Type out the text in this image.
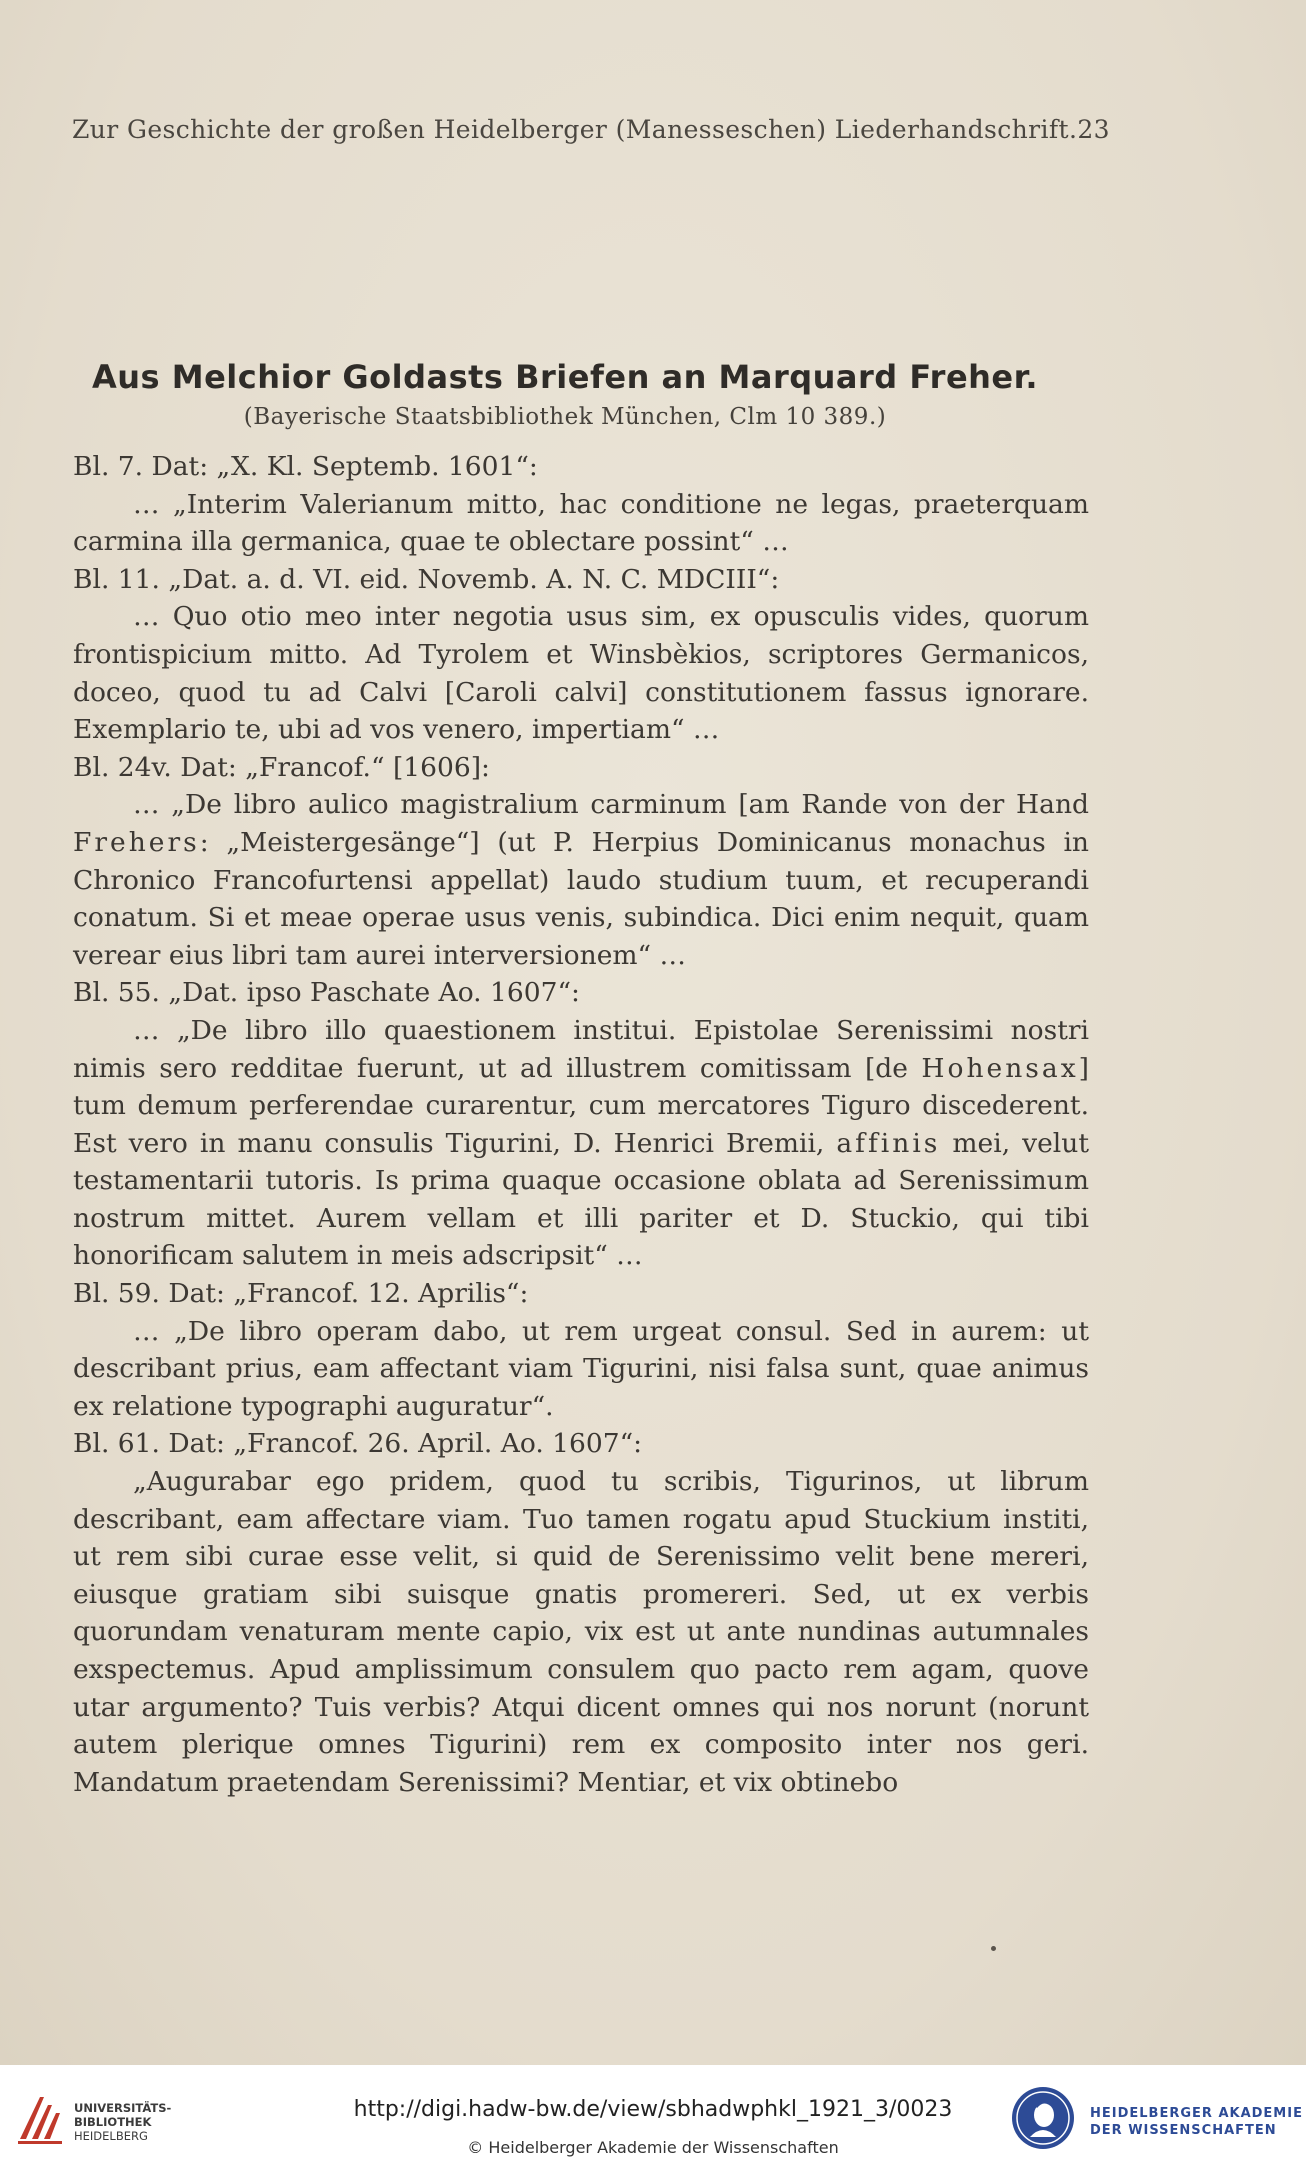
Zur Geschichte der großen Heidelberger (Manesseschen) Liederhandschrift. 23
Aus Melchior Goldasts Briefen an Marquard Freher.
(Bayerische Staatsbibliothek München, Clm 10 389.)

Bl. 7. Dat: „X. Kl. Septemb. 1601“:

… „Interim Valerianum mitto, hac conditione ne legas, praeterquam carmina illa germanica, quae te oblectare possint“ …

Bl. 11. „Dat. a. d. VI. eid. Novemb. A. N. C. MDCIII“:

… Quo otio meo inter negotia usus sim, ex opusculis vides, quorum frontispicium mitto. Ad Tyrolem et Winsbèkios, scriptores Germanicos, doceo, quod tu ad Calvi [Caroli calvi] constitutionem fassus ignorare. Exemplario te, ubi ad vos venero, impertiam“ …

Bl. 24v. Dat: „Francof.“ [1606]:

… „De libro aulico magistralium carminum [am Rande von der Hand Frehers: „Meistergesänge“] (ut P. Herpius Dominicanus monachus in Chronico Francofurtensi appellat) laudo studium tuum, et recuperandi conatum. Si et meae operae usus venis, subindica. Dici enim nequit, quam verear eius libri tam aurei interversionem“ …

Bl. 55. „Dat. ipso Paschate Ao. 1607“:

… „De libro illo quaestionem institui. Epistolae Serenissimi nostri nimis sero redditae fuerunt, ut ad illustrem comitissam [de Hohensax] tum demum perferendae curarentur, cum mercatores Tiguro discederent. Est vero in manu consulis Tigurini, D. Henrici Bremii, affinis mei, velut testamentarii tutoris. Is prima quaque occasione oblata ad Serenissimum nostrum mittet. Aurem vellam et illi pariter et D. Stuckio, qui tibi honorificam salutem in meis adscripsit“ …

Bl. 59. Dat: „Francof. 12. Aprilis“:

… „De libro operam dabo, ut rem urgeat consul. Sed in aurem: ut describant prius, eam affectant viam Tigurini, nisi falsa sunt, quae animus ex relatione typographi auguratur“.

Bl. 61. Dat: „Francof. 26. April. Ao. 1607“:

„Augurabar ego pridem, quod tu scribis, Tigurinos, ut librum describant, eam affectare viam. Tuo tamen rogatu apud Stuckium institi, ut rem sibi curae esse velit, si quid de Serenissimo velit bene mereri, eiusque gratiam sibi suisque gnatis promereri. Sed, ut ex verbis quorundam venaturam mente capio, vix est ut ante nundinas autumnales exspectemus. Apud amplissimum consulem quo pacto rem agam, quove utar argumento? Tuis verbis? Atqui dicent omnes qui nos norunt (norunt autem plerique omnes Tigurini) rem ex composito inter nos geri. Mandatum praetendam Serenissimi? Mentiar, et vix obtinebo

UNIVERSITÄTS-
BIBLIOTHEK
HEIDELBERG
http://digi.hadw-bw.de/view/sbhadwphkl_1921_3/0023
© Heidelberger Akademie der Wissenschaften
HEIDELBERGER AKADEMIE
DER WISSENSCHAFTEN
